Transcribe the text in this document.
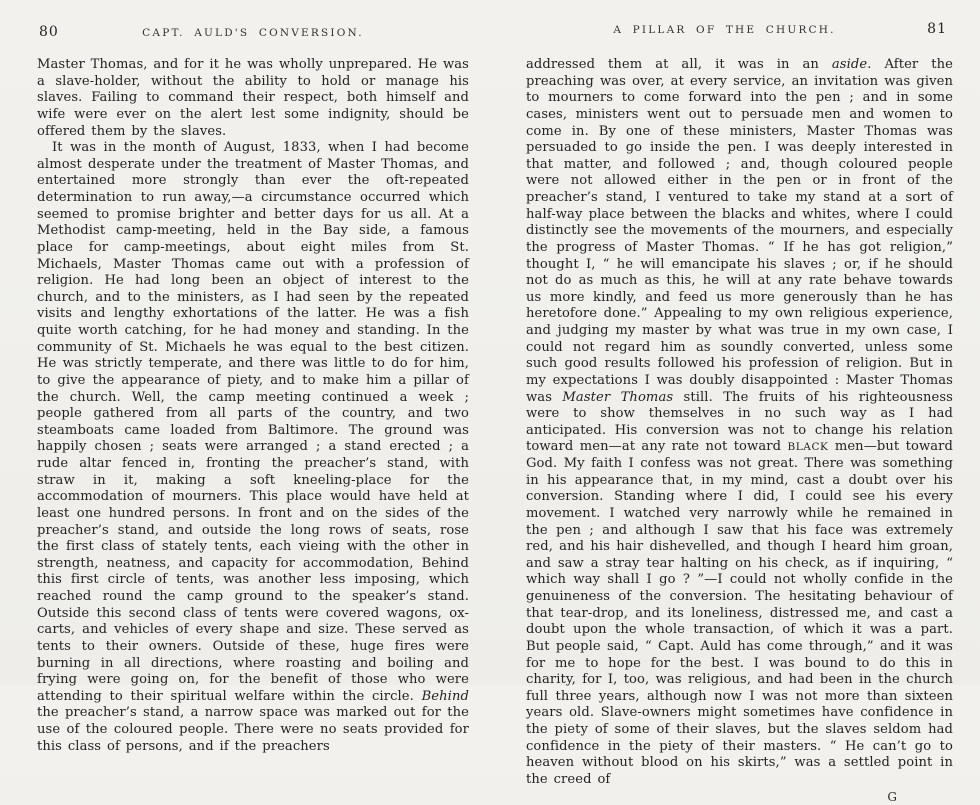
80	CAPT. AULD'S CONVERSION.

Master Thomas, and for it he was wholly unprepared. He was a slave-holder, without the ability to hold or manage his slaves. Failing to command their respect, both himself and wife were ever on the alert lest some indignity, should be offered them by the slaves.

It was in the month of August, 1833, when I had become almost desperate under the treatment of Master Thomas, and entertained more strongly than ever the oft-repeated determination to run away,—a circumstance occurred which seemed to promise brighter and better days for us all. At a Methodist camp-meeting, held in the Bay side, a famous place for camp-meetings, about eight miles from St. Michaels, Master Thomas came out with a profession of religion. He had long been an object of interest to the church, and to the ministers, as I had seen by the repeated visits and lengthy exhortations of the latter. He was a fish quite worth catching, for he had money and standing. In the community of St. Michaels he was equal to the best citizen. He was strictly temperate, and there was little to do for him, to give the appearance of piety, and to make him a pillar of the church. Well, the camp meeting continued a week ; people gathered from all parts of the country, and two steamboats came loaded from Baltimore. The ground was happily chosen ; seats were arranged ; a stand erected ; a rude altar fenced in, fronting the preacher’s stand, with straw in it, making a soft kneeling-place for the accommodation of mourners. This place would have held at least one hundred persons. In front and on the sides of the preacher’s stand, and outside the long rows of seats, rose the first class of stately tents, each vieing with the other in strength, neatness, and capacity for accommodation, Behind this first circle of tents, was another less imposing, which reached round the camp ground to the speaker’s stand. Outside this second class of tents were covered wagons, ox-carts, and vehicles of every shape and size. These served as tents to their owners. Outside of these, huge fires were burning in all directions, where roasting and boiling and frying were going on, for the benefit of those who were attending to their spiritual welfare within the circle. Behind the preacher’s stand, a narrow space was marked out for the use of the coloured people. There were no seats provided for this class of persons, and if the preachers

A PILLAR OF THE CHURCH.	81

addressed them at all, it was in an aside. After the preaching was over, at every service, an invitation was given to mourners to come forward into the pen ; and in some cases, ministers went out to persuade men and women to come in. By one of these ministers, Master Thomas was persuaded to go inside the pen. I was deeply interested in that matter, and followed ; and, though coloured people were not allowed either in the pen or in front of the preacher’s stand, I ventured to take my stand at a sort of half-way place between the blacks and whites, where I could distinctly see the movements of the mourners, and especially the progress of Master Thomas. “ If he has got religion,” thought I, “ he will emancipate his slaves ; or, if he should not do as much as this, he will at any rate behave towards us more kindly, and feed us more generously than he has heretofore done.” Appealing to my own religious experience, and judging my master by what was true in my own case, I could not regard him as soundly converted, unless some such good results followed his profession of religion. But in my expectations I was doubly disappointed : Master Thomas was Master Thomas still. The fruits of his righteousness were to show themselves in no such way as I had anticipated. His conversion was not to change his relation toward men—at any rate not toward BLACK men—but toward God. My faith I confess was not great. There was something in his appearance that, in my mind, cast a doubt over his conversion. Standing where I did, I could see his every movement. I watched very narrowly while he remained in the pen ; and although I saw that his face was extremely red, and his hair dishevelled, and though I heard him groan, and saw a stray tear halting on his check, as if inquiring, “ which way shall I go ? ”—I could not wholly confide in the genuineness of the conversion. The hesitating behaviour of that tear-drop, and its loneliness, distressed me, and cast a doubt upon the whole transaction, of which it was a part. But people said, “ Capt. Auld has come through,” and it was for me to hope for the best. I was bound to do this in charity, for I, too, was religious, and had been in the church full three years, although now I was not more than sixteen years old. Slave-owners might sometimes have confidence in the piety of some of their slaves, but the slaves seldom had confidence in the piety of their masters. “ He can’t go to heaven without blood on his skirts,” was a settled point in the creed of

G
